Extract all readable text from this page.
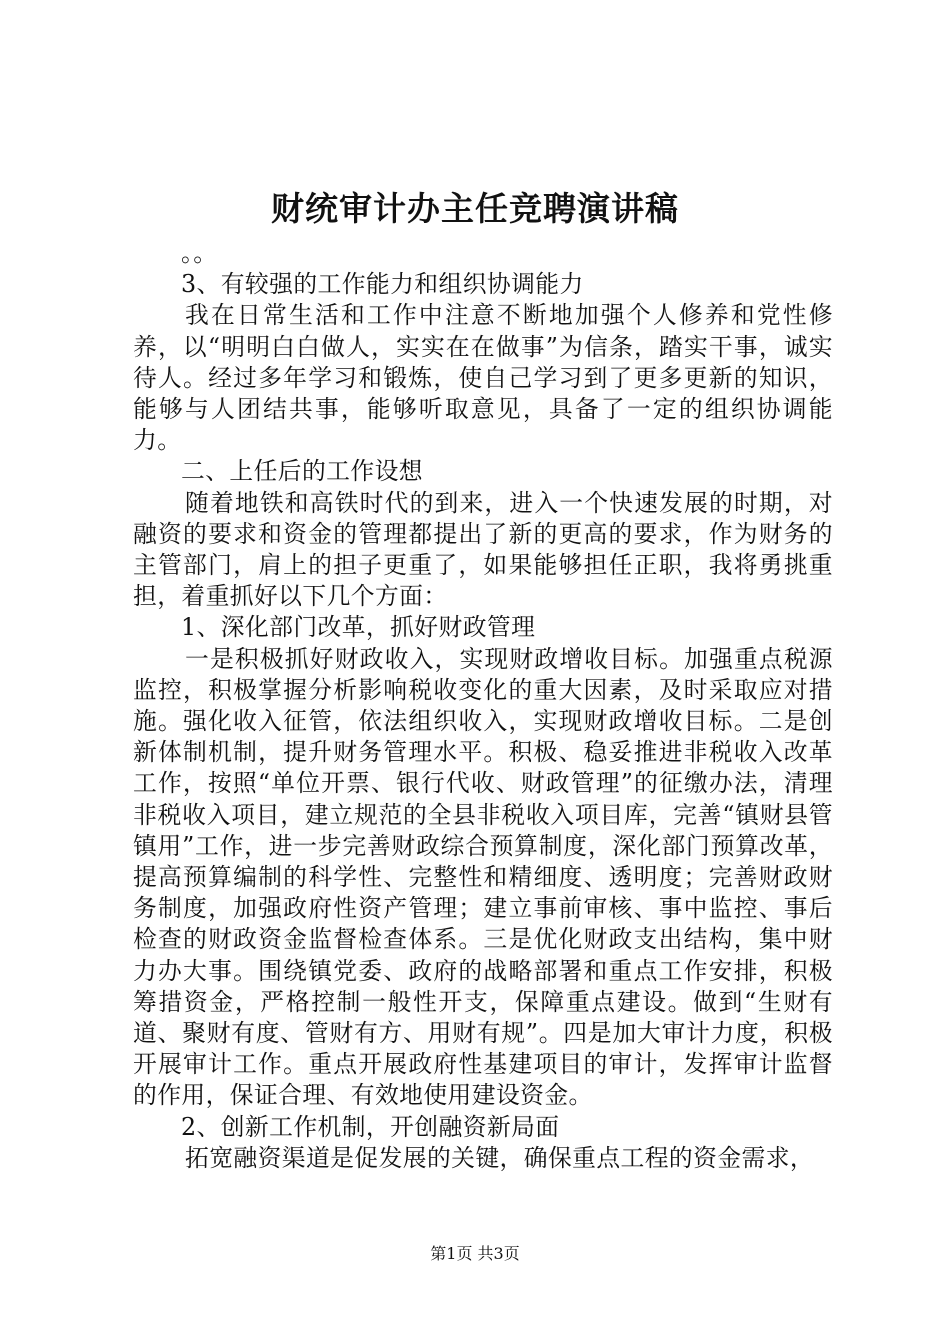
财统审计办主任竞聘演讲稿

。。

3、有较强的工作能力和组织协调能力

我在日常生活和工作中注意不断地加强个人修养和党性修养，以“明明白白做人，实实在在做事”为信条，踏实干事，诚实待人。经过多年学习和锻炼，使自己学习到了更多更新的知识，能够与人团结共事，能够听取意见，具备了一定的组织协调能力。

二、上任后的工作设想

随着地铁和高铁时代的到来，进入一个快速发展的时期，对融资的要求和资金的管理都提出了新的更高的要求，作为财务的主管部门，肩上的担子更重了，如果能够担任正职，我将勇挑重担，着重抓好以下几个方面：

1、深化部门改革，抓好财政管理

一是积极抓好财政收入，实现财政增收目标。加强重点税源监控，积极掌握分析影响税收变化的重大因素，及时采取应对措施。强化收入征管，依法组织收入，实现财政增收目标。二是创新体制机制，提升财务管理水平。积极、稳妥推进非税收入改革工作，按照“单位开票、银行代收、财政管理”的征缴办法，清理非税收入项目，建立规范的全县非税收入项目库，完善“镇财县管镇用”工作，进一步完善财政综合预算制度，深化部门预算改革，提高预算编制的科学性、完整性和精细度、透明度；完善财政财务制度，加强政府性资产管理；建立事前审核、事中监控、事后检查的财政资金监督检查体系。三是优化财政支出结构，集中财力办大事。围绕镇党委、政府的战略部署和重点工作安排，积极筹措资金，严格控制一般性开支，保障重点建设。做到“生财有道、聚财有度、管财有方、用财有规”。四是加大审计力度，积极开展审计工作。重点开展政府性基建项目的审计，发挥审计监督的作用，保证合理、有效地使用建设资金。

2、创新工作机制，开创融资新局面

拓宽融资渠道是促发展的关键，确保重点工程的资金需求，

第1页 共3页
